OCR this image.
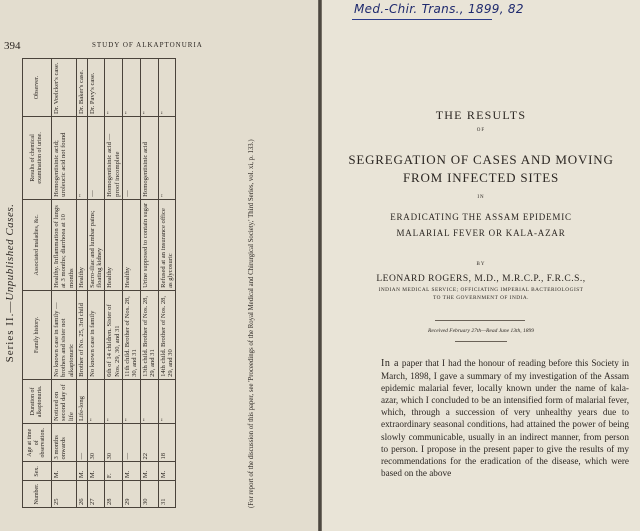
394	STUDY OF ALKAPTONURIA
Series II.—Unpublished Cases.
Number.	Sex.	Age at time of observation.	Duration of alkaptonuria.	Family history.	Associated maladies, &c.	Results of chemical examination of urine.	Observer.
25	M.	3 months onwards	Noticed on second day of life	No known case in family — brothers and sister not alkaptonuric	Healthy. Inflammation of lungs at 3 months; diarrhoea at 10 months	Homogentisinic acid; uroleucic acid not found	Dr. Voelcker's case.
26	M.	—	Life-long	Brother of No. 25, 3rd child	Healthy	"	Dr. Baker's case.
27	M.	30	"	No known case in family	Sacro-iliac and lumbar pains; floating kidney	—	Dr. Pavy's case.
28	F.	30	"	6th of 14 children. Sister of Nos. 29, 30, and 31	Healthy	Homogentisinic acid — proof incomplete	"
29	M.	—	"	11th child. Brother of Nos. 28, 30, and 31	Healthy	—	"
30	M.	22	"	13th child. Brother of Nos. 28, 29, and 31	Urine supposed to contain sugar	Homogentisinic acid	"
31	M.	18	"	14th child. Brother of Nos. 28, 29, and 30	Refused at an insurance office as glycosuric	"	"
(For report of the discussion of this paper, see 'Proceedings of the Royal Medical and Chirurgical Society,' Third Series, vol. xi, p. 133.)
Med.-Chir. Trans., 1899, 82
THE RESULTS
OF
SEGREGATION OF CASES AND MOVING
FROM INFECTED SITES
IN
ERADICATING THE ASSAM EPIDEMIC
MALARIAL FEVER OR KALA-AZAR
BY
LEONARD ROGERS, M.D., M.R.C.P., F.R.C.S.,
INDIAN MEDICAL SERVICE; OFFICIATING IMPERIAL BACTERIOLOGIST
TO THE GOVERNMENT OF INDIA.
Received February 27th—Read June 13th, 1899
In a paper that I had the honour of reading before this Society in March, 1898, I gave a summary of my investigation of the Assam epidemic malarial fever, locally known under the name of kala-azar, which I concluded to be an intensified form of malarial fever, which, through a succession of very unhealthy years due to extraordinary seasonal conditions, had attained the power of being slowly communicable, usually in an indirect manner, from person to person. I propose in the present paper to give the results of my recommendations for the eradication of the disease, which were based on the above
